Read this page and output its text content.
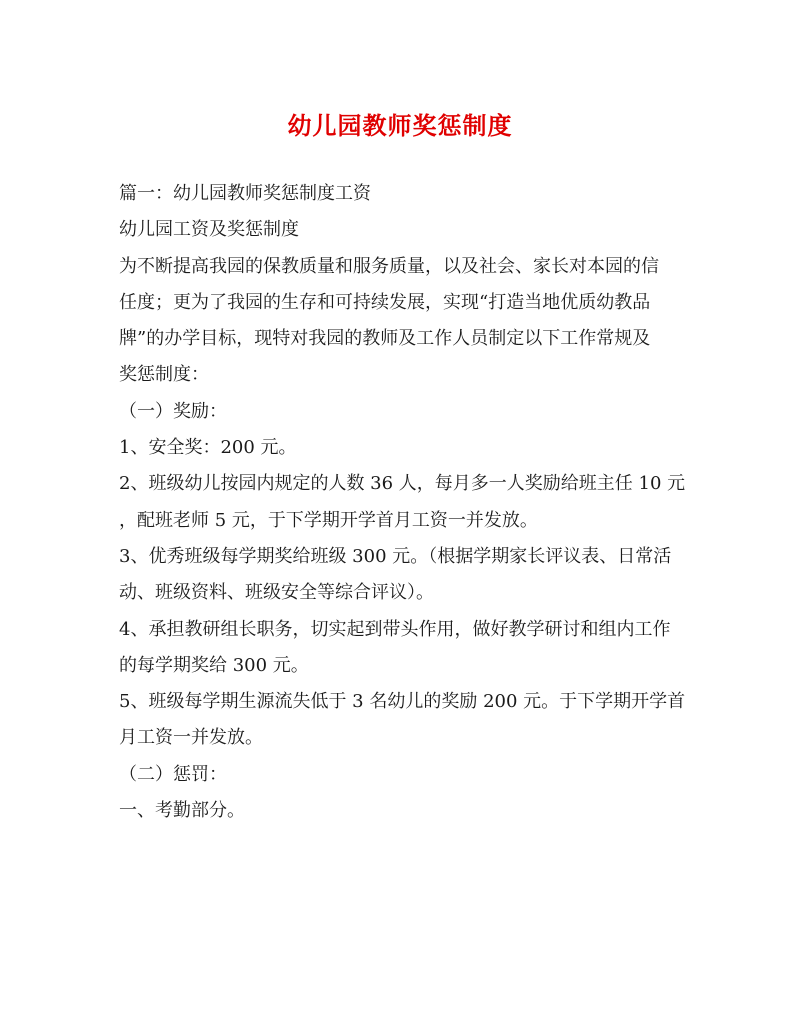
幼儿园教师奖惩制度
篇一：幼儿园教师奖惩制度工资
幼儿园工资及奖惩制度
为不断提高我园的保教质量和服务质量，以及社会、家长对本园的信
任度；更为了我园的生存和可持续发展，实现“打造当地优质幼教品
牌”的办学目标，现特对我园的教师及工作人员制定以下工作常规及
奖惩制度：
（一）奖励：
1、安全奖：200 元。
2、班级幼儿按园内规定的人数 36 人，每月多一人奖励给班主任 10 元
，配班老师 5 元，于下学期开学首月工资一并发放。
3、优秀班级每学期奖给班级 300 元。（根据学期家长评议表、日常活
动、班级资料、班级安全等综合评议）。
4、承担教研组长职务，切实起到带头作用，做好教学研讨和组内工作
的每学期奖给 300 元。
5、班级每学期生源流失低于 3 名幼儿的奖励 200 元。于下学期开学首
月工资一并发放。
（二）惩罚：
一、考勤部分。
